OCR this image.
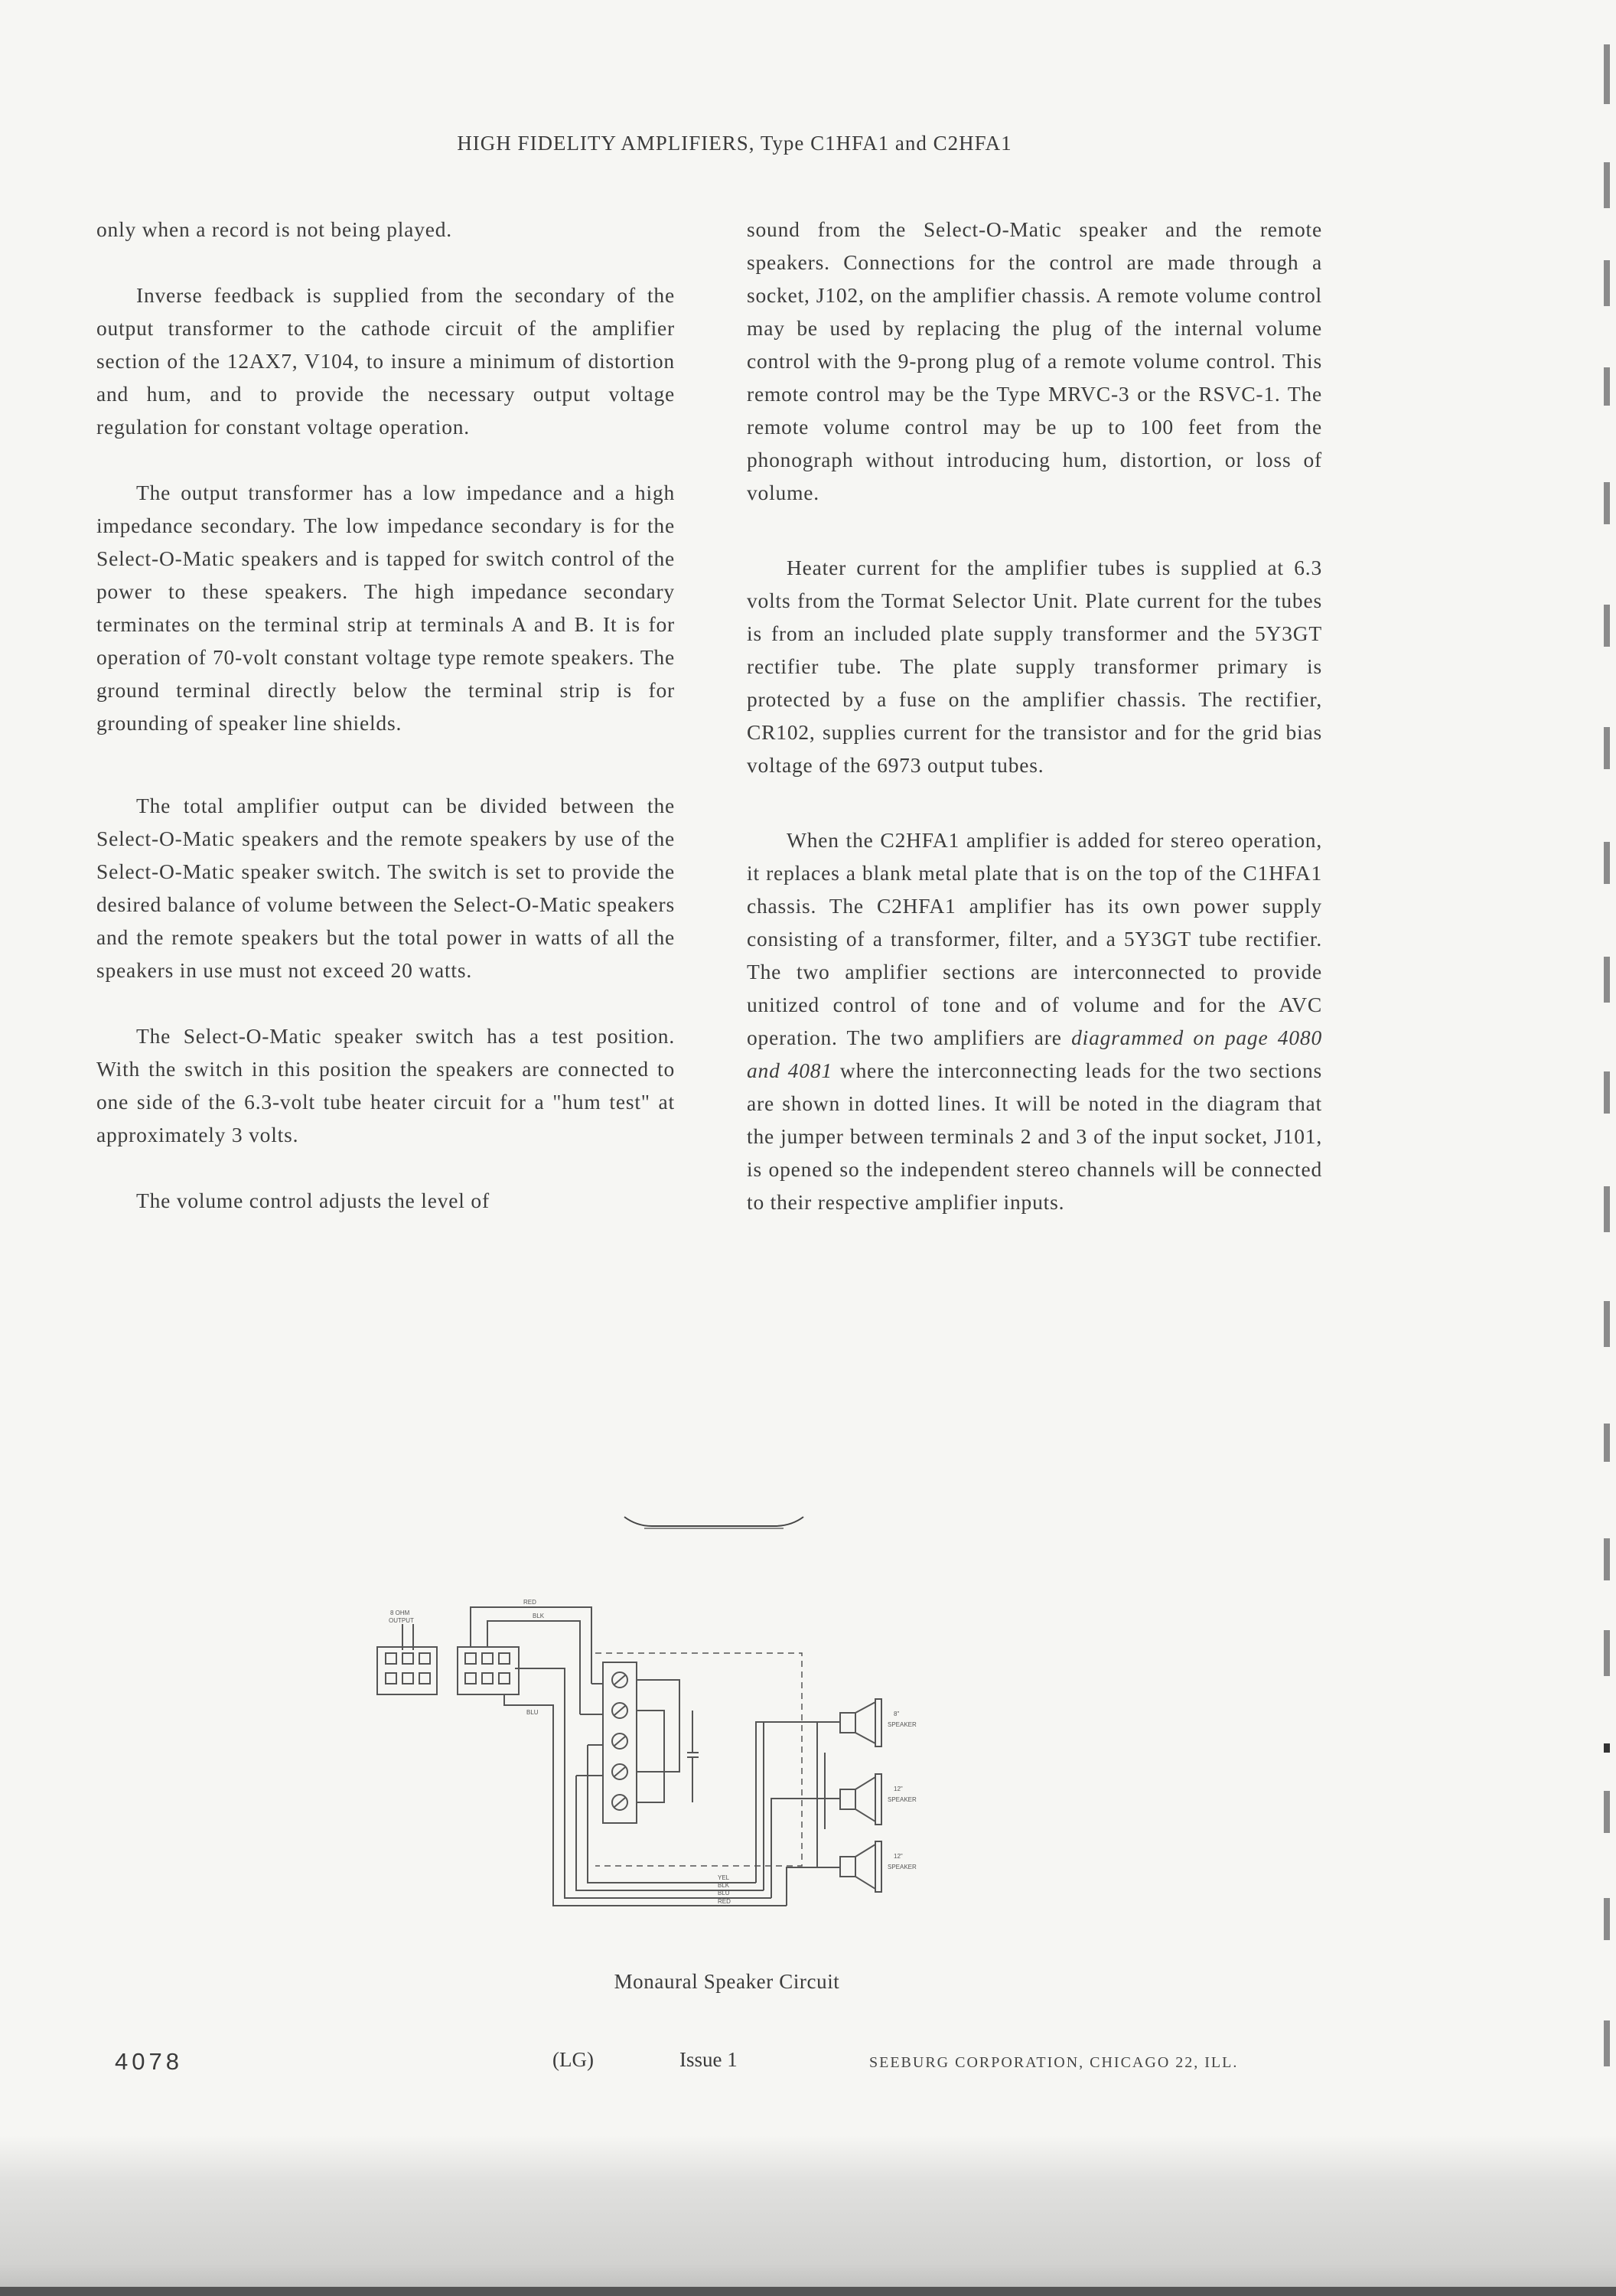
HIGH FIDELITY AMPLIFIERS, Type C1HFA1 and C2HFA1

only when a record is not being played.

Inverse feedback is supplied from the secondary of the output transformer to the cathode circuit of the amplifier section of the 12AX7, V104, to insure a minimum of distortion and hum, and to provide the necessary output voltage regulation for constant voltage operation.

The output transformer has a low impedance and a high impedance secondary. The low impedance secondary is for the Select-O-Matic speakers and is tapped for switch control of the power to these speakers. The high impedance secondary terminates on the terminal strip at terminals A and B. It is for operation of 70-volt constant voltage type remote speakers. The ground terminal directly below the terminal strip is for grounding of speaker line shields.

The total amplifier output can be divided between the Select-O-Matic speakers and the remote speakers by use of the Select-O-Matic speaker switch. The switch is set to provide the desired balance of volume between the Select-O-Matic speakers and the remote speakers but the total power in watts of all the speakers in use must not exceed 20 watts.

The Select-O-Matic speaker switch has a test position. With the switch in this position the speakers are connected to one side of the 6.3-volt tube heater circuit for a "hum test" at approximately 3 volts.

The volume control adjusts the level of

sound from the Select-O-Matic speaker and the remote speakers. Connections for the control are made through a socket, J102, on the amplifier chassis. A remote volume control may be used by replacing the plug of the internal volume control with the 9-prong plug of a remote volume control. This remote control may be the Type MRVC-3 or the RSVC-1. The remote volume control may be up to 100 feet from the phonograph without introducing hum, distortion, or loss of volume.

Heater current for the amplifier tubes is supplied at 6.3 volts from the Tormat Selector Unit. Plate current for the tubes is from an included plate supply transformer and the 5Y3GT rectifier tube. The plate supply transformer primary is protected by a fuse on the amplifier chassis. The rectifier, CR102, supplies current for the transistor and for the grid bias voltage of the 6973 output tubes.

When the C2HFA1 amplifier is added for stereo operation, it replaces a blank metal plate that is on the top of the C1HFA1 chassis. The C2HFA1 amplifier has its own power supply consisting of a transformer, filter, and a 5Y3GT tube rectifier. The two amplifier sections are interconnected to provide unitized control of tone and of volume and for the AVC operation. The two amplifiers are diagrammed on page 4080 and 4081 where the interconnecting leads for the two sections are shown in dotted lines. It will be noted in the diagram that the jumper between terminals 2 and 3 of the input socket, J101, is opened so the independent stereo channels will be connected to their respective amplifier inputs.

8 OHM
OUTPUT
RED
BLK
BLU
YEL
BLK
BLU
RED
8"
SPEAKER
12"
SPEAKER
12"
SPEAKER
Monaural Speaker Circuit
4078	(LG)	Issue 1	SEEBURG CORPORATION, CHICAGO 22, ILL.
